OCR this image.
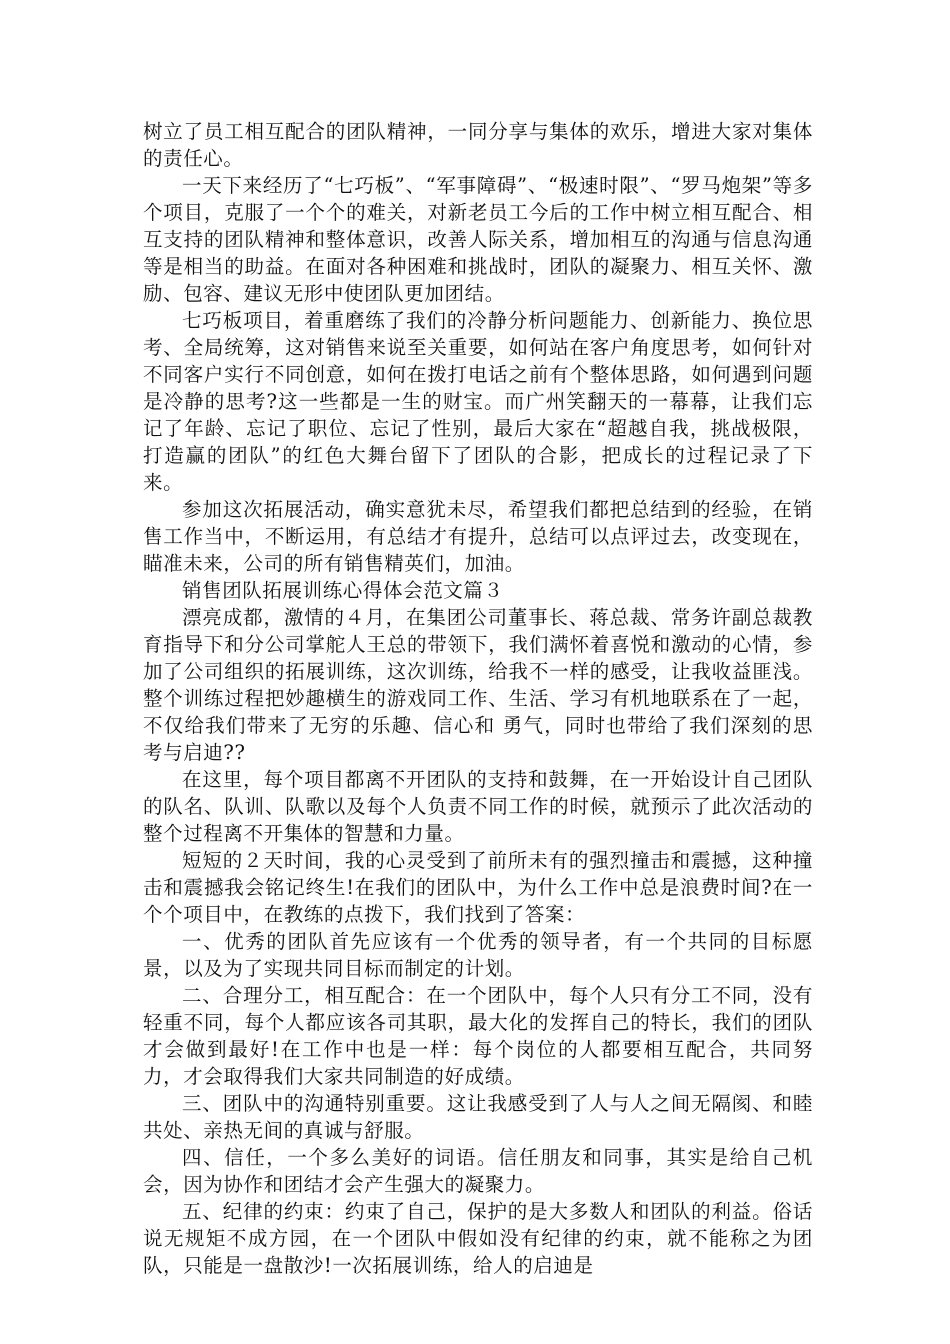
树立了员工相互配合的团队精神，一同分享与集体的欢乐，增进大家对集体的责任心。

一天下来经历了“七巧板”、“军事障碍”、“极速时限”、“罗马炮架”等多个项目，克服了一个个的难关，对新老员工今后的工作中树立相互配合、相互支持的团队精神和整体意识，改善人际关系，增加相互的沟通与信息沟通等是相当的助益。在面对各种困难和挑战时，团队的凝聚力、相互关怀、激励、包容、建议无形中使团队更加团结。

七巧板项目，着重磨练了我们的冷静分析问题能力、创新能力、换位思考、全局统筹，这对销售来说至关重要，如何站在客户角度思考，如何针对不同客户实行不同创意，如何在拨打电话之前有个整体思路，如何遇到问题是冷静的思考?这一些都是一生的财宝。而广州笑翻天的一幕幕，让我们忘记了年龄、忘记了职位、忘记了性别，最后大家在“超越自我，挑战极限，打造赢的团队”的红色大舞台留下了团队的合影，把成长的过程记录了下来。

参加这次拓展活动，确实意犹未尽，希望我们都把总结到的经验，在销售工作当中，不断运用，有总结才有提升，总结可以点评过去，改变现在，瞄准未来，公司的所有销售精英们，加油。

销售团队拓展训练心得体会范文篇３

漂亮成都，激情的４月，在集团公司董事长、蒋总裁、常务许副总裁教育指导下和分公司掌舵人王总的带领下，我们满怀着喜悦和激动的心情，参加了公司组织的拓展训练，这次训练，给我不一样的感受，让我收益匪浅。整个训练过程把妙趣横生的游戏同工作、生活、学习有机地联系在了一起，不仅给我们带来了无穷的乐趣、信心和 勇气，同时也带给了我们深刻的思考与启迪??

在这里，每个项目都离不开团队的支持和鼓舞，在一开始设计自己团队的队名、队训、队歌以及每个人负责不同工作的时候，就预示了此次活动的整个过程离不开集体的智慧和力量。

短短的２天时间，我的心灵受到了前所未有的强烈撞击和震撼，这种撞击和震撼我会铭记终生!在我们的团队中，为什么工作中总是浪费时间?在一个个项目中，在教练的点拨下，我们找到了答案：

一、优秀的团队首先应该有一个优秀的领导者，有一个共同的目标愿景，以及为了实现共同目标而制定的计划。

二、合理分工，相互配合：在一个团队中，每个人只有分工不同，没有轻重不同，每个人都应该各司其职，最大化的发挥自己的特长，我们的团队才会做到最好!在工作中也是一样：每个岗位的人都要相互配合，共同努力，才会取得我们大家共同制造的好成绩。

三、团队中的沟通特别重要。这让我感受到了人与人之间无隔阂、和睦共处、亲热无间的真诚与舒服。

四、信任，一个多么美好的词语。信任朋友和同事，其实是给自己机会，因为协作和团结才会产生强大的凝聚力。

五、纪律的约束：约束了自己，保护的是大多数人和团队的利益。俗话说无规矩不成方园，在一个团队中假如没有纪律的约束，就不能称之为团队，只能是一盘散沙!一次拓展训练，给人的启迪是
